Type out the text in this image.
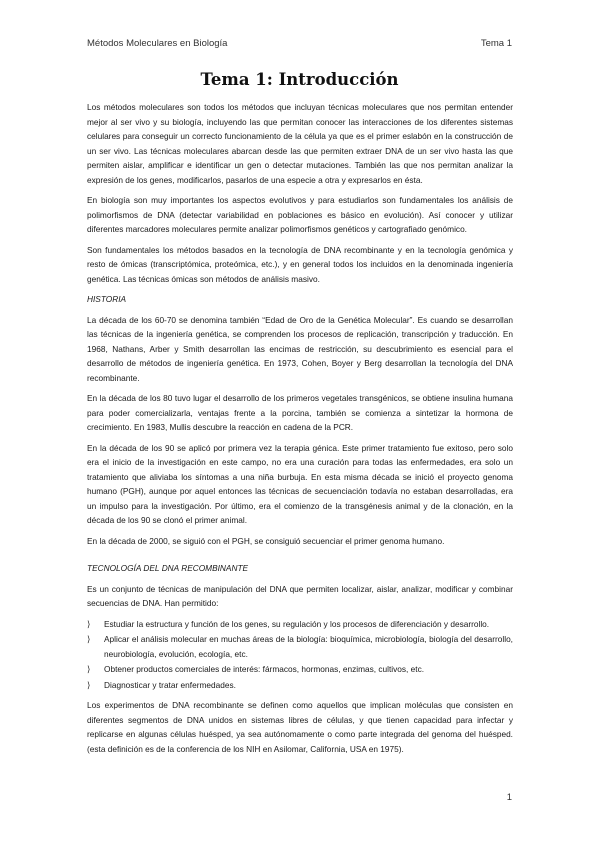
Métodos Moleculares en Biología	Tema 1
Tema 1: Introducción

Los métodos moleculares son todos los métodos que incluyan técnicas moleculares que nos permitan entender mejor al ser vivo y su biología, incluyendo las que permitan conocer las interacciones de los diferentes sistemas celulares para conseguir un correcto funcionamiento de la célula ya que es el primer eslabón en la construcción de un ser vivo. Las técnicas moleculares abarcan desde las que permiten extraer DNA de un ser vivo hasta las que permiten aislar, amplificar e identificar un gen o detectar mutaciones. También las que nos permitan analizar la expresión de los genes, modificarlos, pasarlos de una especie a otra y expresarlos en ésta.

En biología son muy importantes los aspectos evolutivos y para estudiarlos son fundamentales los análisis de polimorfismos de DNA (detectar variabilidad en poblaciones es básico en evolución). Así conocer y utilizar diferentes marcadores moleculares permite analizar polimorfismos genéticos y cartografiado genómico.

Son fundamentales los métodos basados en la tecnología de DNA recombinante y en la tecnología genómica y resto de ómicas (transcriptómica, proteómica, etc.), y en general todos los incluidos en la denominada ingeniería genética. Las técnicas ómicas son métodos de análisis masivo.

HISTORIA

La década de los 60-70 se denomina también “Edad de Oro de la Genética Molecular”. Es cuando se desarrollan las técnicas de la ingeniería genética, se comprenden los procesos de replicación, transcripción y traducción. En 1968, Nathans, Arber y Smith desarrollan las encimas de restricción, su descubrimiento es esencial para el desarrollo de métodos de ingeniería genética. En 1973, Cohen, Boyer y Berg desarrollan la tecnología del DNA recombinante.

En la década de los 80 tuvo lugar el desarrollo de los primeros vegetales transgénicos, se obtiene insulina humana para poder comercializarla, ventajas frente a la porcina, también se comienza a sintetizar la hormona de crecimiento. En 1983, Mullis descubre la reacción en cadena de la PCR.

En la década de los 90 se aplicó por primera vez la terapia génica. Este primer tratamiento fue exitoso, pero solo era el inicio de la investigación en este campo, no era una curación para todas las enfermedades, era solo un tratamiento que aliviaba los síntomas a una niña burbuja. En esta misma década se inició el proyecto genoma humano (PGH), aunque por aquel entonces las técnicas de secuenciación todavía no estaban desarrolladas, era un impulso para la investigación. Por último, era el comienzo de la transgénesis animal y de la clonación, en la década de los 90 se clonó el primer animal.

En la década de 2000, se siguió con el PGH, se consiguió secuenciar el primer genoma humano.

TECNOLOGÍA DEL DNA RECOMBINANTE

Es un conjunto de técnicas de manipulación del DNA que permiten localizar, aislar, analizar, modificar y combinar secuencias de DNA. Han permitido:

⟩ Estudiar la estructura y función de los genes, su regulación y los procesos de diferenciación y desarrollo.
⟩ Aplicar el análisis molecular en muchas áreas de la biología: bioquímica, microbiología, biología del desarrollo, neurobiología, evolución, ecología, etc.
⟩ Obtener productos comerciales de interés: fármacos, hormonas, enzimas, cultivos, etc.
⟩ Diagnosticar y tratar enfermedades.

Los experimentos de DNA recombinante se definen como aquellos que implican moléculas que consisten en diferentes segmentos de DNA unidos en sistemas libres de células, y que tienen capacidad para infectar y replicarse en algunas células huésped, ya sea autónomamente o como parte integrada del genoma del huésped. (esta definición es de la conferencia de los NIH en Asilomar, California, USA en 1975).

1
